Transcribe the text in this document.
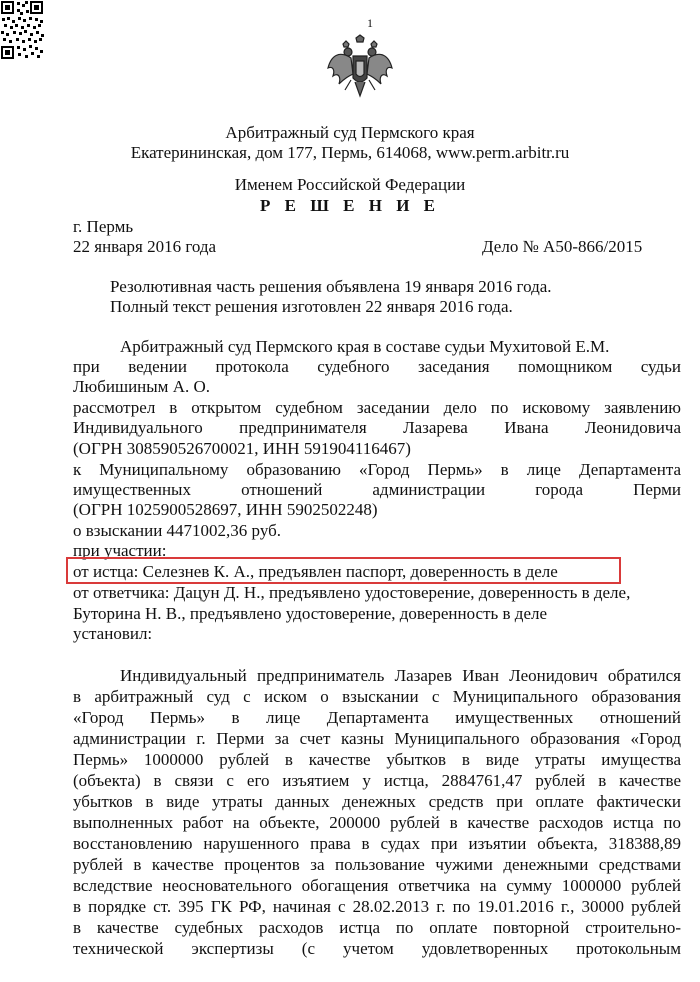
1
Арбитражный суд Пермского края
Екатерининская, дом 177, Пермь, 614068, www.perm.arbitr.ru
Именем Российской Федерации
Р Е Ш Е Н И Е
г. Пермь
22 января 2016 года	Дело № А50-866/2015
Резолютивная часть решения объявлена 19 января 2016 года.
Полный текст решения изготовлен 22 января 2016 года.
Арбитражный суд Пермского края в составе судьи Мухитовой Е.М.
при ведении протокола судебного заседания помощником судьи
Любишиным А. О.
рассмотрел в открытом судебном заседании дело по исковому заявлению
Индивидуального предпринимателя Лазарева Ивана Леонидовича
(ОГРН 308590526700021, ИНН 591904116467)
к Муниципальному образованию «Город Пермь» в лице Департамента
имущественных отношений администрации города Перми
(ОГРН 1025900528697, ИНН 5902502248)
о взыскании 4471002,36 руб.
при участии:
от истца: Селезнев К. А., предъявлен паспорт, доверенность в деле
от ответчика: Дацун Д. Н., предъявлено удостоверение, доверенность в деле,
Буторина Н. В., предъявлено удостоверение, доверенность в деле
установил:
Индивидуальный предприниматель Лазарев Иван Леонидович обратился
в арбитражный суд с иском о взыскании с Муниципального образования
«Город Пермь» в лице Департамента имущественных отношений
администрации г. Перми за счет казны Муниципального образования «Город
Пермь» 1000000 рублей в качестве убытков в виде утраты имущества
(объекта) в связи с его изъятием у истца, 2884761,47 рублей в качестве
убытков в виде утраты данных денежных средств при оплате фактически
выполненных работ на объекте, 200000 рублей в качестве расходов истца по
восстановлению нарушенного права в судах при изъятии объекта, 318388,89
рублей в качестве процентов за пользование чужими денежными средствами
вследствие неосновательного обогащения ответчика на сумму 1000000 рублей
в порядке ст. 395 ГК РФ, начиная с 28.02.2013 г. по 19.01.2016 г., 30000 рублей
в качестве судебных расходов истца по оплате повторной строительно-
технической экспертизы (с учетом удовлетворенных протокольным
